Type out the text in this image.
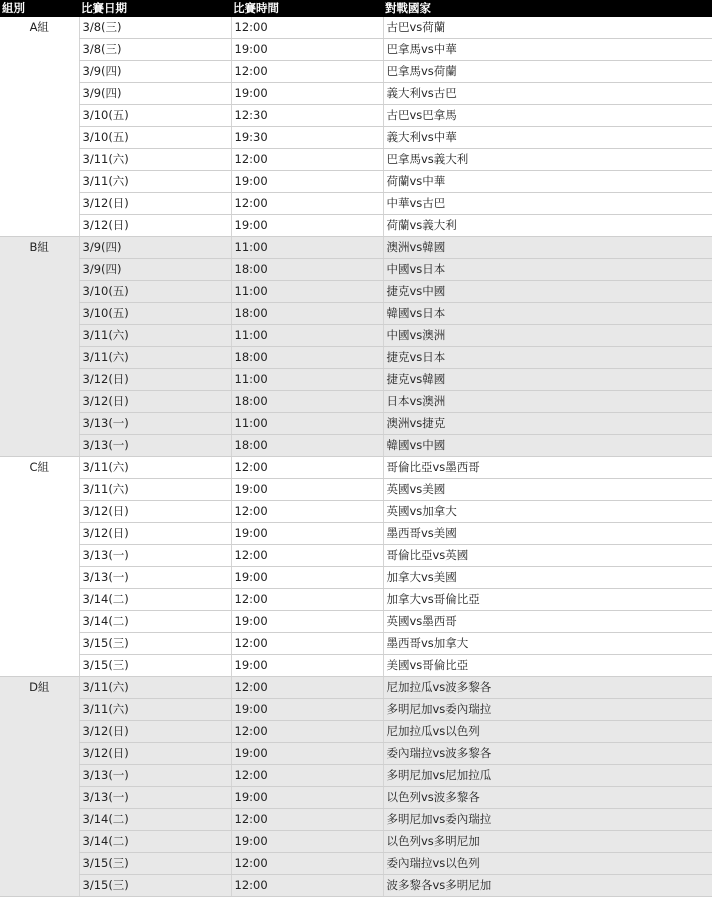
組別	比賽日期	比賽時間	對戰國家
A組	3/8(三)	12:00	古巴vs荷蘭
	3/8(三)	19:00	巴拿馬vs中華
	3/9(四)	12:00	巴拿馬vs荷蘭
	3/9(四)	19:00	義大利vs古巴
	3/10(五)	12:30	古巴vs巴拿馬
	3/10(五)	19:30	義大利vs中華
	3/11(六)	12:00	巴拿馬vs義大利
	3/11(六)	19:00	荷蘭vs中華
	3/12(日)	12:00	中華vs古巴
	3/12(日)	19:00	荷蘭vs義大利
B組	3/9(四)	11:00	澳洲vs韓國
	3/9(四)	18:00	中國vs日本
	3/10(五)	11:00	捷克vs中國
	3/10(五)	18:00	韓國vs日本
	3/11(六)	11:00	中國vs澳洲
	3/11(六)	18:00	捷克vs日本
	3/12(日)	11:00	捷克vs韓國
	3/12(日)	18:00	日本vs澳洲
	3/13(一)	11:00	澳洲vs捷克
	3/13(一)	18:00	韓國vs中國
C組	3/11(六)	12:00	哥倫比亞vs墨西哥
	3/11(六)	19:00	英國vs美國
	3/12(日)	12:00	英國vs加拿大
	3/12(日)	19:00	墨西哥vs美國
	3/13(一)	12:00	哥倫比亞vs英國
	3/13(一)	19:00	加拿大vs美國
	3/14(二)	12:00	加拿大vs哥倫比亞
	3/14(二)	19:00	英國vs墨西哥
	3/15(三)	12:00	墨西哥vs加拿大
	3/15(三)	19:00	美國vs哥倫比亞
D組	3/11(六)	12:00	尼加拉瓜vs波多黎各
	3/11(六)	19:00	多明尼加vs委內瑞拉
	3/12(日)	12:00	尼加拉瓜vs以色列
	3/12(日)	19:00	委內瑞拉vs波多黎各
	3/13(一)	12:00	多明尼加vs尼加拉瓜
	3/13(一)	19:00	以色列vs波多黎各
	3/14(二)	12:00	多明尼加vs委內瑞拉
	3/14(二)	19:00	以色列vs多明尼加
	3/15(三)	12:00	委內瑞拉vs以色列
	3/15(三)	12:00	波多黎各vs多明尼加
